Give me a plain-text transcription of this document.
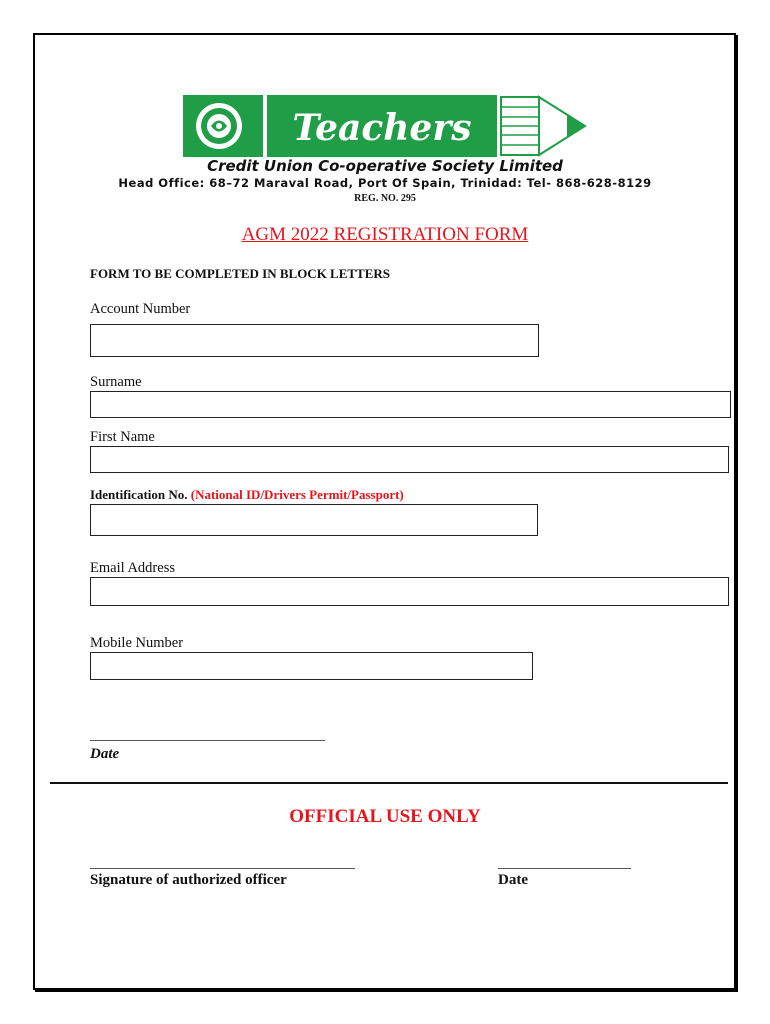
Teachers
Credit Union Co-operative Society Limited
Head Office: 68–72 Maraval Road, Port Of Spain, Trinidad: Tel- 868-628-8129
REG. NO. 295
AGM 2022 REGISTRATION FORM
FORM TO BE COMPLETED IN BLOCK LETTERS
Account Number
Surname
First Name
Identification No. (National ID/Drivers Permit/Passport)
Email Address
Mobile Number
Date
OFFICIAL USE ONLY
Signature of authorized officer	Date
